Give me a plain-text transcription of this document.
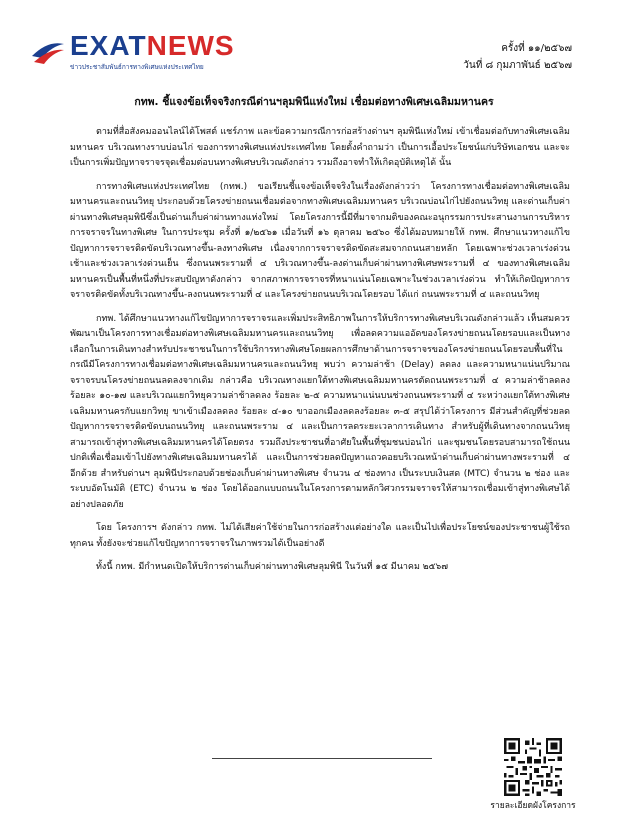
EXATNEWS
ข่าวประชาสัมพันธ์การทางพิเศษแห่งประเทศไทย
ครั้งที่ ๑๑/๒๕๖๗
วันที่ ๘ กุมภาพันธ์ ๒๕๖๗
กทพ. ชี้แจงข้อเท็จจริงกรณีด่านฯลุมพินีแห่งใหม่ เชื่อมต่อทางพิเศษเฉลิมมหานคร

ตามที่สื่อสังคมออนไลน์ได้โพสต์ แชร์ภาพ และข้อความกรณีการก่อสร้างด่านฯ ลุมพินีแห่งใหม่ เข้าเชื่อมต่อกับทางพิเศษเฉลิมมหานคร บริเวณทางราบบ่อนไก่ ของการทางพิเศษแห่งประเทศไทย โดยตั้งคำถามว่า เป็นการเอื้อประโยชน์แก่บริษัทเอกชน และจะเป็นการเพิ่มปัญหาจราจรจุดเชื่อมต่อบนทางพิเศษบริเวณดังกล่าว รวมถึงอาจทำให้เกิดอุบัติเหตุได้ นั้น

การทางพิเศษแห่งประเทศไทย (กทพ.) ขอเรียนชี้แจงข้อเท็จจริงในเรื่องดังกล่าวว่า โครงการทางเชื่อมต่อทางพิเศษเฉลิมมหานครและถนนวิทยุ ประกอบด้วยโครงข่ายถนนเชื่อมต่อจากทางพิเศษเฉลิมมหานคร บริเวณบ่อนไก่ไปยังถนนวิทยุ และด่านเก็บค่าผ่านทางพิเศษลุมพินีซึ่งเป็นด่านเก็บค่าผ่านทางแห่งใหม่ โดยโครงการนี้มีที่มาจากมติของคณะอนุกรรมการประสานงานการบริหารการจราจรในทางพิเศษ ในการประชุม ครั้งที่ ๑/๒๕๖๑ เมื่อวันที่ ๑๖ ตุลาคม ๒๕๖๐ ซึ่งได้มอบหมายให้ กทพ. ศึกษาแนวทางแก้ไขปัญหาการจราจรติดขัดบริเวณทางขึ้น-ลงทางพิเศษ เนื่องจากการจราจรติดขัดสะสมจากถนนสายหลัก โดยเฉพาะช่วงเวลาเร่งด่วนเช้าและช่วงเวลาเร่งด่วนเย็น ซึ่งถนนพระรามที่ ๔ บริเวณทางขึ้น-ลงด่านเก็บค่าผ่านทางพิเศษพระรามที่ ๔ ของทางพิเศษเฉลิมมหานครเป็นพื้นที่หนึ่งที่ประสบปัญหาดังกล่าว จากสภาพการจราจรที่หนาแน่นโดยเฉพาะในช่วงเวลาเร่งด่วน ทำให้เกิดปัญหาการจราจรติดขัดทั้งบริเวณทางขึ้น-ลงถนนพระรามที่ ๔ และโครงข่ายถนนบริเวณโดยรอบ ได้แก่ ถนนพระรามที่ ๔ และถนนวิทยุ

กทพ. ได้ศึกษาแนวทางแก้ไขปัญหาการจราจรและเพิ่มประสิทธิภาพในการให้บริการทางพิเศษบริเวณดังกล่าวแล้ว เห็นสมควรพัฒนาเป็นโครงการทางเชื่อมต่อทางพิเศษเฉลิมมหานครและถนนวิทยุ เพื่อลดความแออัดของโครงข่ายถนนโดยรอบและเป็นทางเลือกในการเดินทางสำหรับประชาชนในการใช้บริการทางพิเศษโดยผลการศึกษาด้านการจราจรของโครงข่ายถนนโดยรอบพื้นที่ในกรณีมีโครงการทางเชื่อมต่อทางพิเศษเฉลิมมหานครและถนนวิทยุ พบว่า ความล่าช้า (Delay) ลดลง และความหนาแน่นปริมาณจราจรบนโครงข่ายถนนลดลงจากเดิม กล่าวคือ บริเวณทางแยกใต้ทางพิเศษเฉลิมมหานครตัดถนนพระรามที่ ๔ ความล่าช้าลดลง ร้อยละ ๑๐-๑๗ และบริเวณแยกวิทยุความล่าช้าลดลง ร้อยละ ๒-๕ ความหนาแน่นบนช่วงถนนพระรามที่ ๔ ระหว่างแยกใต้ทางพิเศษเฉลิมมหานครกับแยกวิทยุ ขาเข้าเมืองลดลง ร้อยละ ๔-๑๐ ขาออกเมืองลดลงร้อยละ ๓-๕ สรุปได้ว่าโครงการ มีส่วนสำคัญที่ช่วยลดปัญหาการจราจรติดขัดบนถนนวิทยุ และถนนพระราม ๔ และเป็นการลดระยะเวลาการเดินทาง สำหรับผู้ที่เดินทางจากถนนวิทยุสามารถเข้าสู่ทางพิเศษเฉลิมมหานครได้โดยตรง รวมถึงประชาชนที่อาศัยในพื้นที่ชุมชนบ่อนไก่ และชุมชนโดยรอบสามารถใช้ถนนปกติเพื่อเชื่อมเข้าไปยังทางพิเศษเฉลิมมหานครได้ และเป็นการช่วยลดปัญหาแถวคอยบริเวณหน้าด่านเก็บค่าผ่านทางพระรามที่ ๔ อีกด้วย สำหรับด่านฯ ลุมพินีประกอบด้วยช่องเก็บค่าผ่านทางพิเศษ จำนวน ๔ ช่องทาง เป็นระบบเงินสด (MTC) จำนวน ๒ ช่อง และระบบอัตโนมัติ (ETC) จำนวน ๒ ช่อง โดยได้ออกแบบถนนในโครงการตามหลักวิศวกรรมจราจรให้สามารถเชื่อมเข้าสู่ทางพิเศษได้อย่างปลอดภัย

โดย โครงการฯ ดังกล่าว กทพ. ไม่ได้เสียค่าใช้จ่ายในการก่อสร้างแต่อย่างใด และเป็นไปเพื่อประโยชน์ของประชาชนผู้ใช้รถทุกคน ทั้งยังจะช่วยแก้ไขปัญหาการจราจรในภาพรวมได้เป็นอย่างดี

ทั้งนี้ กทพ. มีกำหนดเปิดให้บริการด่านเก็บค่าผ่านทางพิเศษลุมพินี ในวันที่ ๑๕ มีนาคม ๒๕๖๗

รายละเอียดผังโครงการ
